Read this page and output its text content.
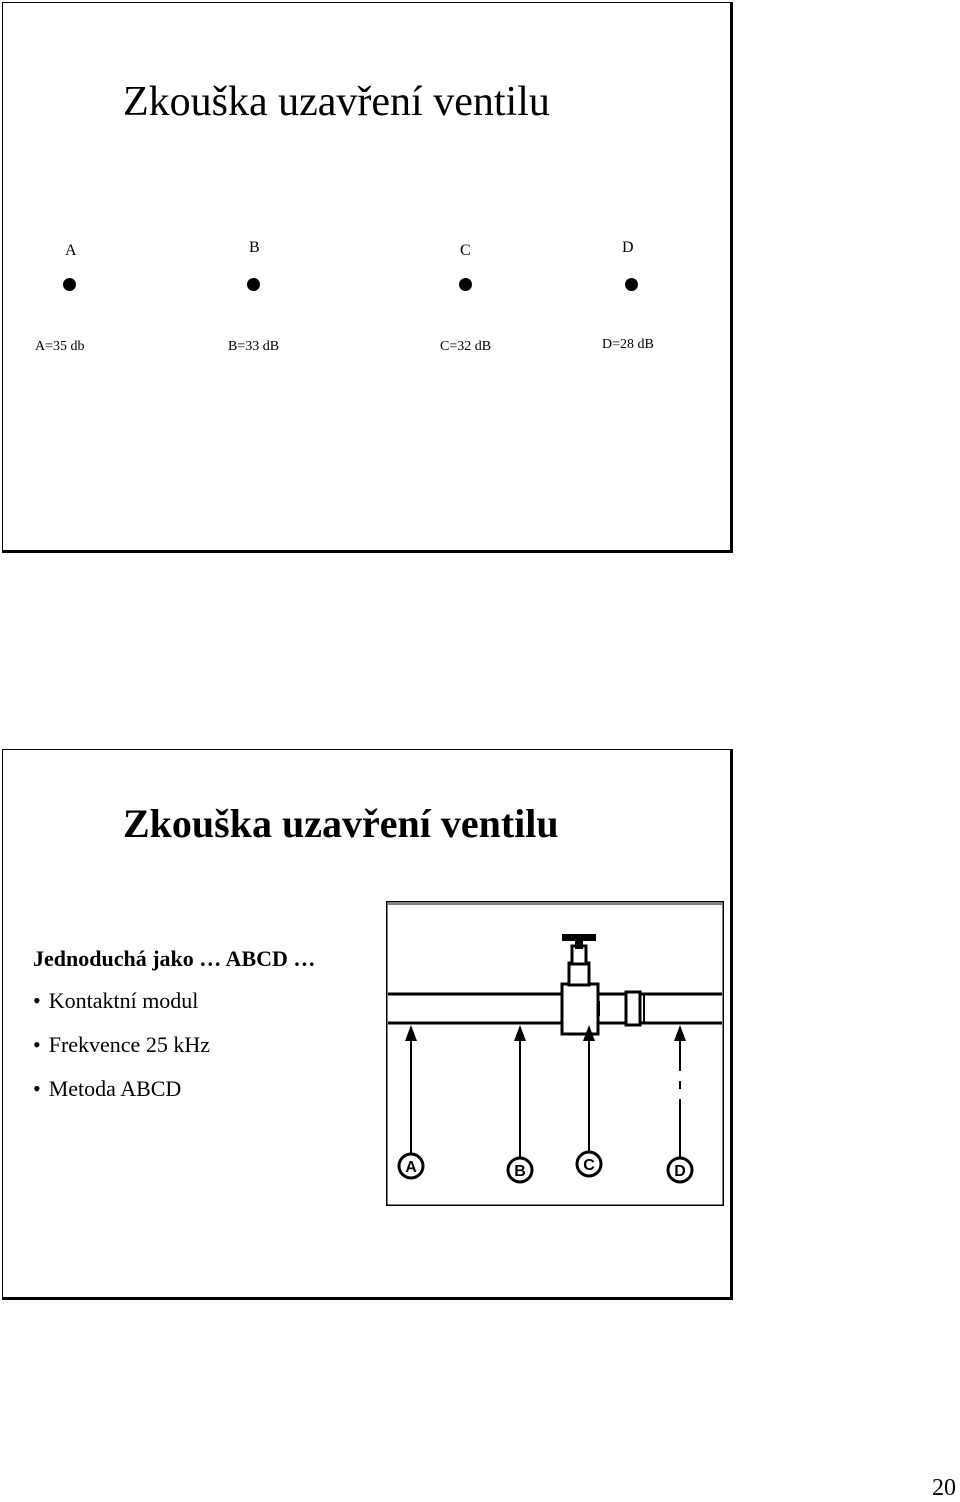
Zkouška uzavření ventilu
A	B	C	D
A=35 db	B=33 dB	C=32 dB	D=28 dB
Zkouška uzavření ventilu
Jednoduchá jako … ABCD …
• Kontaktní modul
• Frekvence 25 kHz
• Metoda ABCD
A	B	C	D
20
